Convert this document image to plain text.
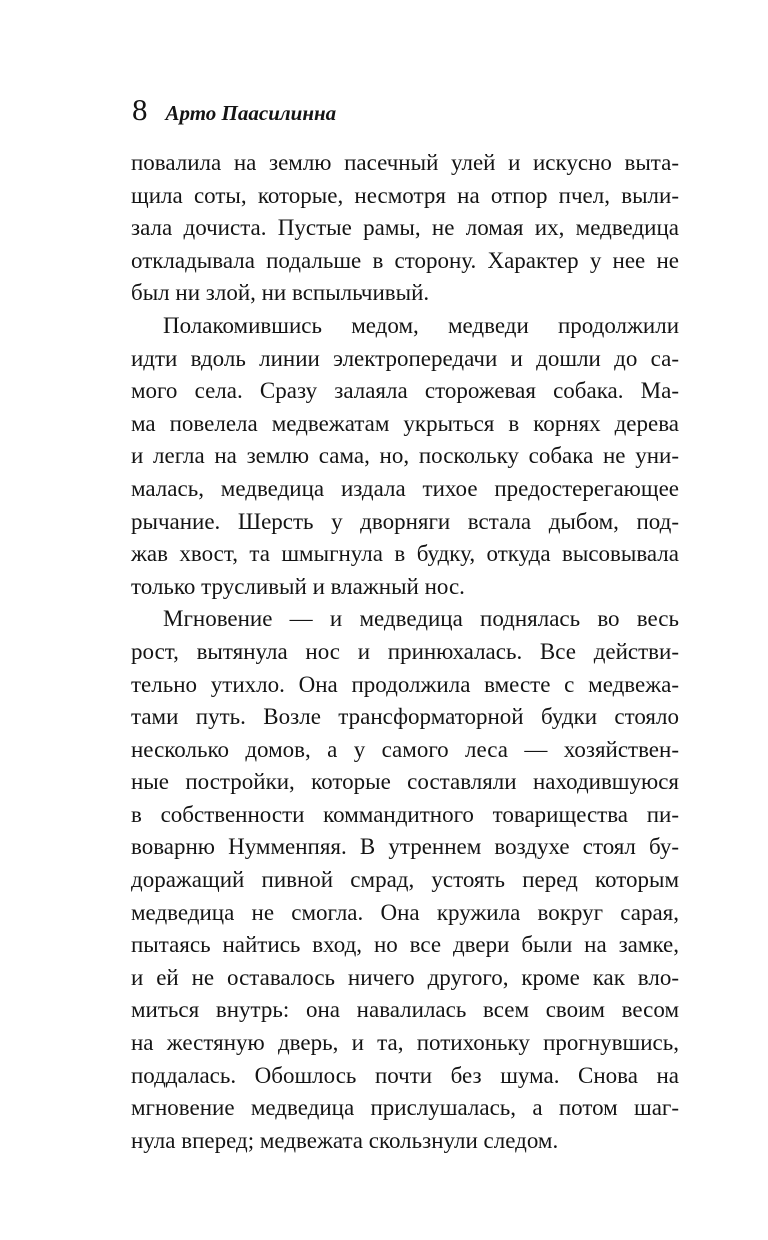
8 Арто Паасилинна
повалила на землю пасечный улей и искусно выта-
щила соты, которые, несмотря на отпор пчел, выли-
зала дочиста. Пустые рамы, не ломая их, медведица
откладывала подальше в сторону. Характер у нее не
был ни злой, ни вспыльчивый.
Полакомившись медом, медведи продолжили
идти вдоль линии электропередачи и дошли до са-
мого села. Сразу залаяла сторожевая собака. Ма-
ма повелела медвежатам укрыться в корнях дерева
и легла на землю сама, но, поскольку собака не уни-
малась, медведица издала тихое предостерегающее
рычание. Шерсть у дворняги встала дыбом, под-
жав хвост, та шмыгнула в будку, откуда высовывала
только трусливый и влажный нос.
Мгновение — и медведица поднялась во весь
рост, вытянула нос и принюхалась. Все действи-
тельно утихло. Она продолжила вместе с медвежа-
тами путь. Возле трансформаторной будки стояло
несколько домов, а у самого леса — хозяйствен-
ные постройки, которые составляли находившуюся
в собственности коммандитного товарищества пи-
воварню Нумменпяя. В утреннем воздухе стоял бу-
доражащий пивной смрад, устоять перед которым
медведица не смогла. Она кружила вокруг сарая,
пытаясь найтись вход, но все двери были на замке,
и ей не оставалось ничего другого, кроме как вло-
миться внутрь: она навалилась всем своим весом
на жестяную дверь, и та, потихоньку прогнувшись,
поддалась. Обошлось почти без шума. Снова на
мгновение медведица прислушалась, а потом шаг-
нула вперед; медвежата скользнули следом.
